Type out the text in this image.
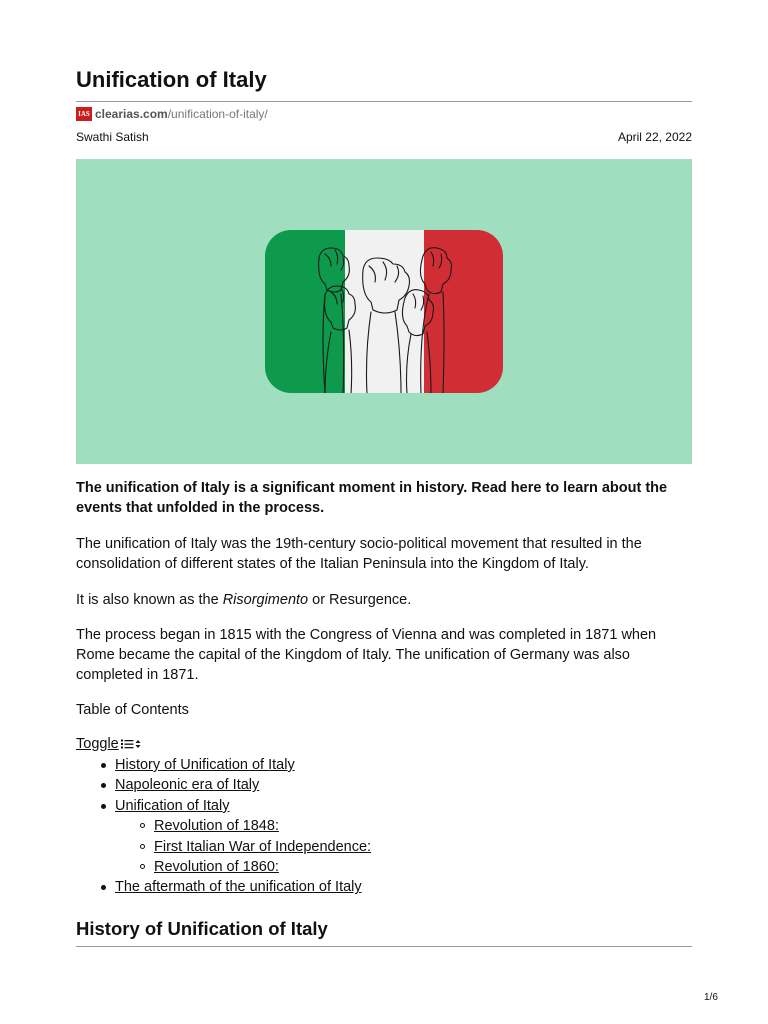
Unification of Italy
IAS clearias.com /unification-of-italy/
Swathi Satish	April 22, 2022

The unification of Italy is a significant moment in history. Read here to learn about the events that unfolded in the process.

The unification of Italy was the 19th-century socio-political movement that resulted in the consolidation of different states of the Italian Peninsula into the Kingdom of Italy.

It is also known as the Risorgimento or Resurgence.

The process began in 1815 with the Congress of Vienna and was completed in 1871 when Rome became the capital of the Kingdom of Italy. The unification of Germany was also completed in 1871.

Table of Contents

Toggle
History of Unification of Italy
Napoleonic era of Italy
Unification of Italy
Revolution of 1848:
First Italian War of Independence:
Revolution of 1860:
The aftermath of the unification of Italy
History of Unification of Italy
1/6
